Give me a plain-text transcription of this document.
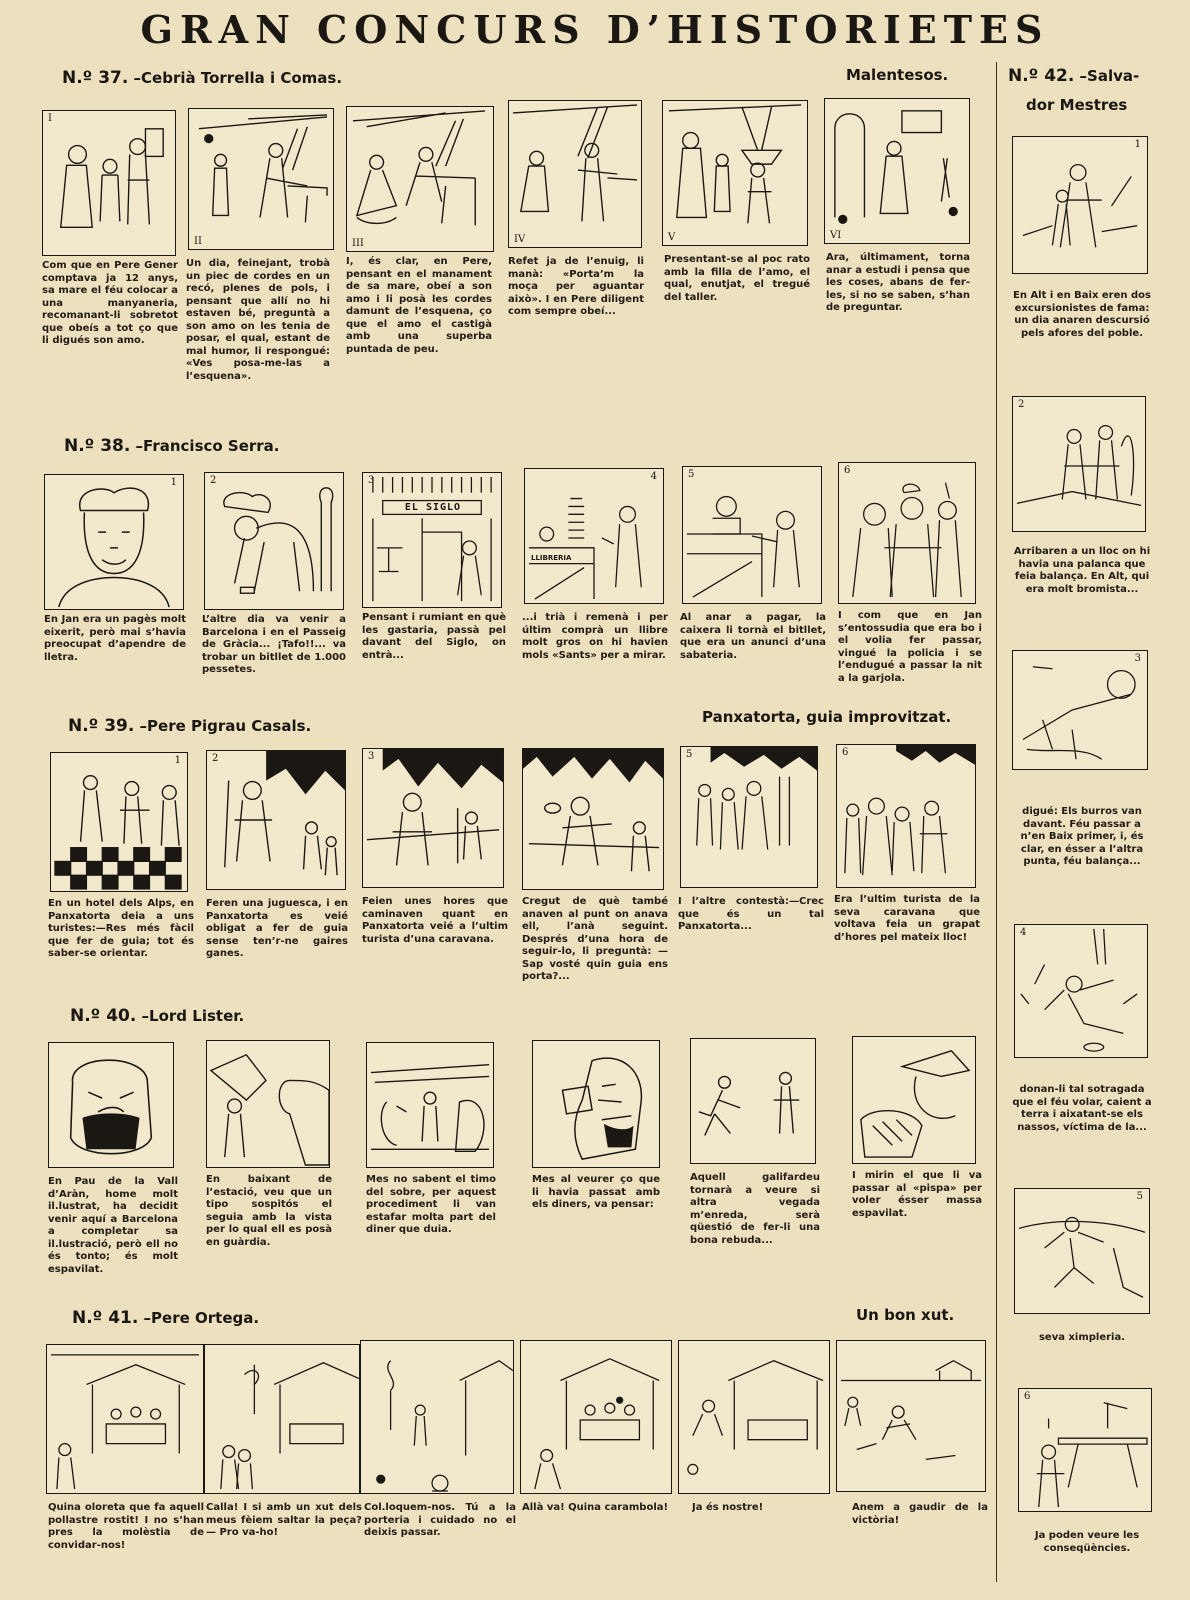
GRAN CONCURS D’HISTORIETES
N.º 37. –Cebrià Torrella i Comas.	Malentesos.
I
II	III	IV	V	VI
Com que en Pere Gener comptava ja 12 anys, sa mare el féu colocar a una manyaneria, recomanant-li sobretot que obeís a tot ço que li digués son amo.
Un dia, feinejant, trobà un piec de cordes en un recó, plenes de pols, i pensant que allí no hi estaven bé, preguntà a son amo on les tenia de posar, el qual, estant de mal humor, li respongué: «Ves posa-me-las a l’esquena».
I, és clar, en Pere, pensant en el manament de sa mare, obeí a son amo i li posà les cordes damunt de l’esquena, ço que el amo el castigà amb una superba puntada de peu.
Refet ja de l’enuig, li manà: «Porta’m la moça per aguantar això». I en Pere diligent com sempre obeí...
Presentant-se al poc rato amb la filla de l’amo, el qual, enutjat, el tregué del taller.
Ara, últimament, torna anar a estudi i pensa que les coses, abans de fer-les, si no se saben, s’han de preguntar.
N.º 38. –Francisco Serra.
1	2	3
EL SIGLO
4
LLIBRERIA
5	6
En Jan era un pagès molt eixerit, però mai s’havia preocupat d’apendre de lletra.
L’altre dia va venir a Barcelona i en el Passeig de Gràcia... ¡Tafo!!... va trobar un bitllet de 1.000 pessetes.
Pensant i rumiant en què les gastaria, passà pel davant del Siglo, on entrà...
...i trià i remenà i per últim comprà un llibre molt gros on hi havien mols «Sants» per a mirar.
Al anar a pagar, la caixera li tornà el bitllet, que era un anunci d’una sabateria.
I com que en Jan s’entossudia que era bo i el volia fer passar, vingué la policia i se l’endugué a passar la nit a la garjola.
N.º 39. –Pere Pigrau Casals.	Panxatorta, guia improvitzat.
1	2	3	5	6
En un hotel dels Alps, en Panxatorta deia a uns turistes:—Res més fàcil que fer de guia; tot és saber-se orientar.
Feren una juguesca, i en Panxatorta es veié obligat a fer de guia sense ten’r-ne gaires ganes.
Feien unes hores que caminaven quant en Panxatorta veié a l’ultim turista d’una caravana.
Cregut de què també anaven al punt on anava ell, l’anà seguint. Després d’una hora de seguir-lo, li preguntà: —Sap vosté quin guia ens porta?...
I l’altre contestà:—Crec que és un tal Panxatorta...
Era l’ultim turista de la seva caravana que voltava feia un grapat d’hores pel mateix lloc!
N.º 40. –Lord Lister.
En Pau de la Vall d’Aràn, home molt il.lustrat, ha decidit venir aquí a Barcelona a completar sa il.lustració, però ell no és tonto; és molt espavilat.
En baixant de l’estació, veu que un tipo sospitós el seguia amb la vista per lo qual ell es posà en guàrdia.
Mes no sabent el timo del sobre, per aquest procediment li van estafar molta part del diner que duia.
Mes al veurer ço que li havia passat amb els diners, va pensar:
Aquell galifardeu tornarà a veure si altra vegada m’enreda, serà qüestió de fer-li una bona rebuda...
I mirin el que li va passar al «pispa» per voler ésser massa espavilat.
N.º 41. –Pere Ortega.	Un bon xut.
Quina oloreta que fa aquell pollastre rostit! I no s’han pres la molèstia de convidar-nos!
Calla! I si amb un xut dels meus fèiem saltar la peça? — Pro va-ho!
Col.loquem-nos. Tú a la porteria i cuidado no el deixis passar.
Allà va! Quina carambola!	Ja és nostre!	Anem a gaudir de la victòria!
N.º 42. –Salva-
dor Mestres
1
2
3
4
5
6
En Alt i en Baix eren dos excursionistes de fama: un dia anaren descursió pels afores del poble.
Arribaren a un lloc on hi havia una palanca que feia balança. En Alt, qui era molt bromista...
digué: Els burros van davant. Féu passar a n’en Baix primer, i, és clar, en ésser a l’altra punta, féu balança...
donan-li tal sotragada que el féu volar, caient a terra i aixatant-se els nassos, víctima de la...
seva ximpleria.
Ja poden veure les conseqüències.
